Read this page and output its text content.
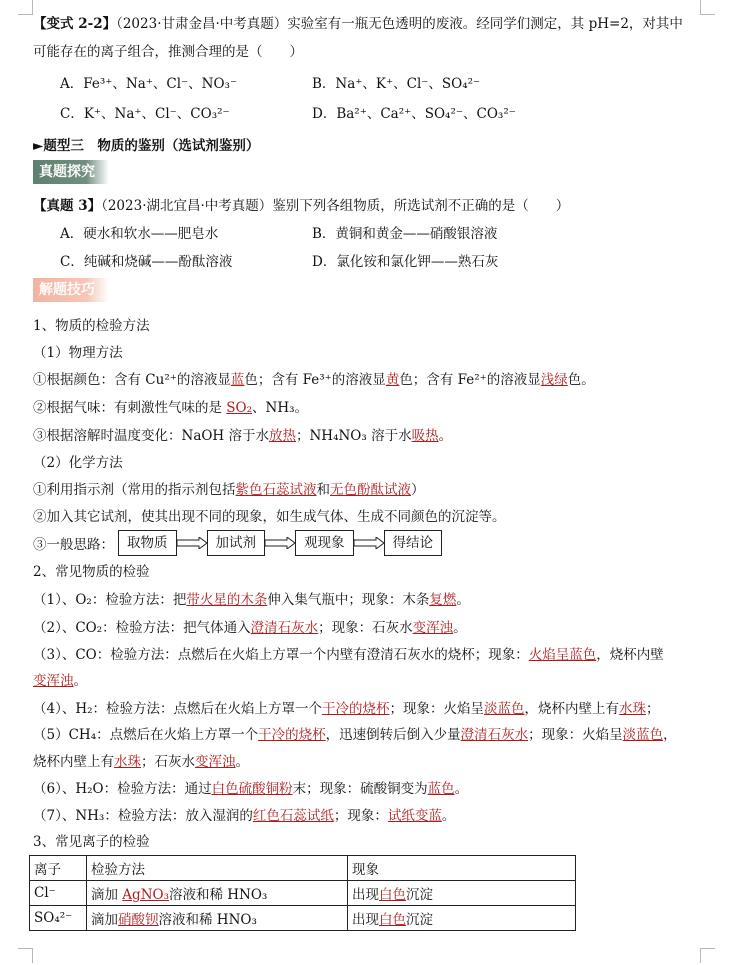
【变式 2-2】（2023·甘肃金昌·中考真题）实验室有一瓶无色透明的废液。经同学们测定，其 pH=2，对其中
可能存在的离子组合，推测合理的是（　　）
A．Fe³⁺、Na⁺、Cl⁻、NO₃⁻	B．Na⁺、K⁺、Cl⁻、SO₄²⁻
C．K⁺、Na⁺、Cl⁻、CO₃²⁻	D．Ba²⁺、Ca²⁺、SO₄²⁻、CO₃²⁻
►题型三　物质的鉴别（选试剂鉴别）
真题探究
【真题 3】（2023·湖北宜昌·中考真题）鉴别下列各组物质，所选试剂不正确的是（　　）
A．硬水和软水——肥皂水	B．黄铜和黄金——硝酸银溶液
C．纯碱和烧碱——酚酞溶液	D．氯化铵和氯化钾——熟石灰
解题技巧
1、物质的检验方法
（1）物理方法
①根据颜色：含有 Cu²⁺的溶液显蓝色；含有 Fe³⁺的溶液显黄色；含有 Fe²⁺的溶液显浅绿色。
②根据气味：有刺激性气味的是 SO₂、NH₃。
③根据溶解时温度变化：NaOH 溶于水放热；NH₄NO₃ 溶于水吸热。
（2）化学方法
①利用指示剂（常用的指示剂包括紫色石蕊试液和无色酚酞试液）
②加入其它试剂，使其出现不同的现象，如生成气体、生成不同颜色的沉淀等。
③一般思路： 取物质	加试剂	观现象	得结论
2、常见物质的检验
（1）、O₂：检验方法：把带火星的木条伸入集气瓶中；现象：木条复燃。
（2）、CO₂：检验方法：把气体通入澄清石灰水；现象：石灰水变浑浊。
（3）、CO：检验方法：点燃后在火焰上方罩一个内壁有澄清石灰水的烧杯；现象：火焰呈蓝色，烧杯内壁
变浑浊。
（4）、H₂：检验方法：点燃后在火焰上方罩一个干冷的烧杯；现象：火焰呈淡蓝色，烧杯内壁上有水珠；
（5）CH₄：点燃后在火焰上方罩一个干冷的烧杯，迅速倒转后倒入少量澄清石灰水；现象：火焰呈淡蓝色，
烧杯内壁上有水珠；石灰水变浑浊。
（6）、H₂O：检验方法：通过白色硫酸铜粉末；现象：硫酸铜变为蓝色。
（7）、NH₃：检验方法：放入湿润的红色石蕊试纸；现象：试纸变蓝。
3、常见离子的检验
离子	检验方法	现象
Cl⁻	滴加 AgNO₃溶液和稀 HNO₃	出现白色沉淀
SO₄²⁻	滴加硝酸钡溶液和稀 HNO₃	出现白色沉淀
